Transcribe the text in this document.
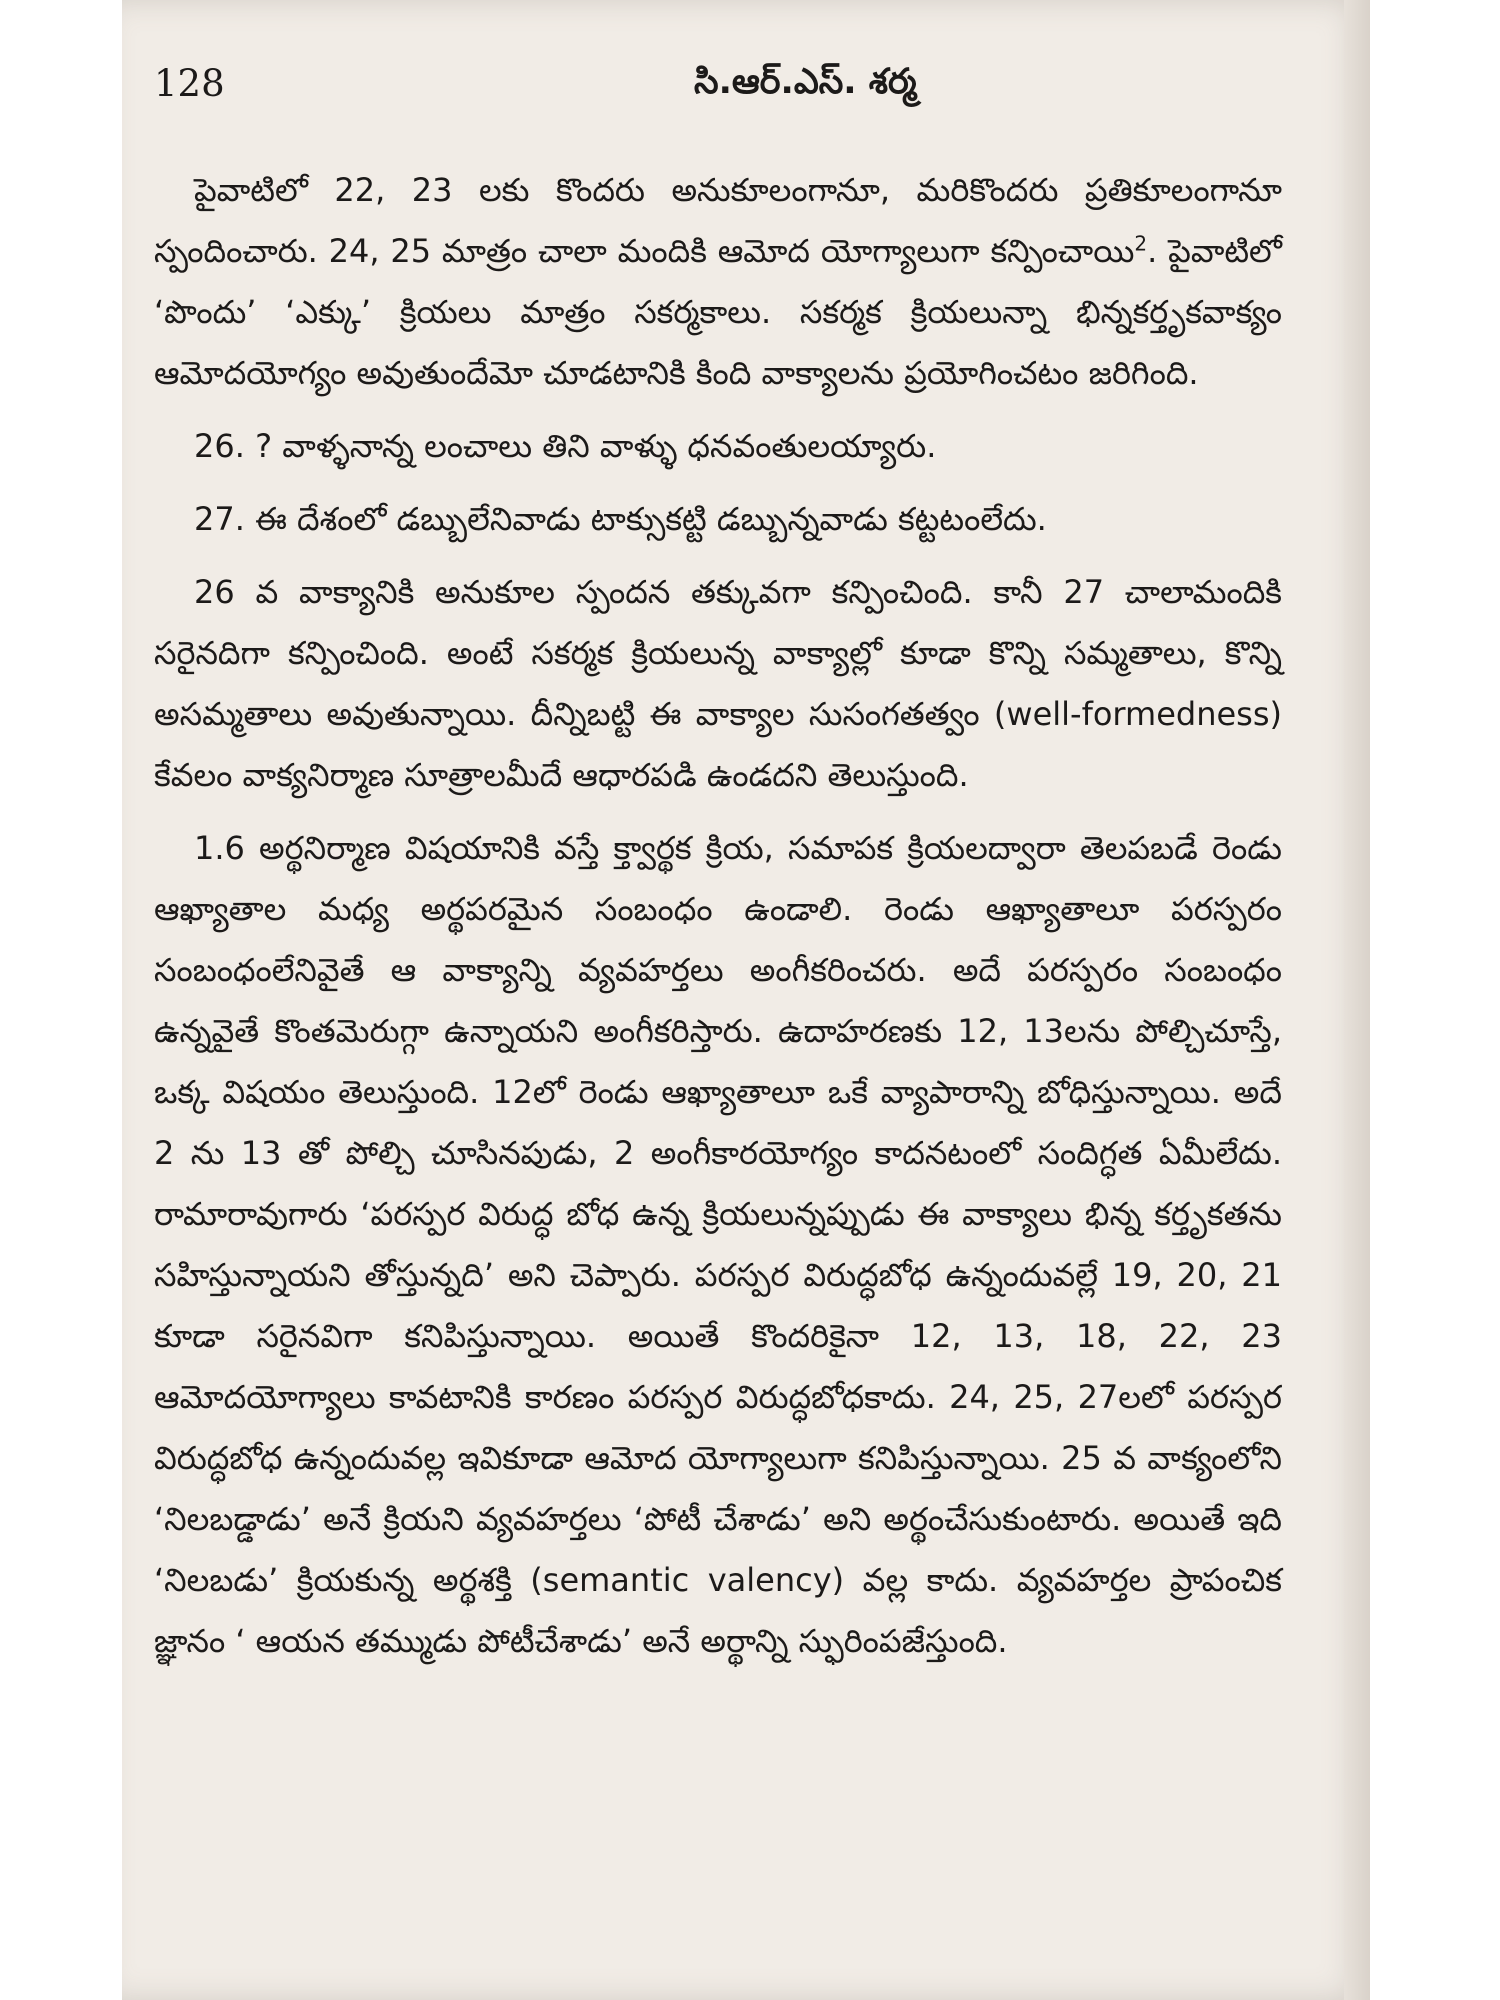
128	సి.ఆర్.ఎస్. శర్మ

పైవాటిలో 22, 23 లకు కొందరు అనుకూలంగానూ, మరికొందరు ప్రతికూలంగానూ స్పందించారు. 24, 25 మాత్రం చాలా మందికి ఆమోద యోగ్యాలుగా కన్పించాయి$^2$. పైవాటిలో ‘పొందు’ ‘ఎక్కు’ క్రియలు మాత్రం సకర్మకాలు. సకర్మక క్రియలున్నా భిన్నకర్తృకవాక్యం ఆమోదయోగ్యం అవుతుందేమో చూడటానికి కింది వాక్యాలను ప్రయోగించటం జరిగింది.

26. ? వాళ్ళనాన్న లంచాలు తిని వాళ్ళు ధనవంతులయ్యారు.

27. ఈ దేశంలో డబ్బులేనివాడు టాక్సుకట్టి డబ్బున్నవాడు కట్టటంలేదు.

26 వ వాక్యానికి అనుకూల స్పందన తక్కువగా కన్పించింది. కానీ 27 చాలామందికి సరైనదిగా కన్పించింది. అంటే సకర్మక క్రియలున్న వాక్యాల్లో కూడా కొన్ని సమ్మతాలు, కొన్ని అసమ్మతాలు అవుతున్నాయి. దీన్నిబట్టి ఈ వాక్యాల సుసంగతత్వం (well-formedness) కేవలం వాక్యనిర్మాణ సూత్రాలమీదే ఆధారపడి ఉండదని తెలుస్తుంది.

1.6 అర్థనిర్మాణ విషయానికి వస్తే క్త్వార్థక క్రియ, సమాపక క్రియలద్వారా తెలపబడే రెండు ఆఖ్యాతాల మధ్య అర్థపరమైన సంబంధం ఉండాలి. రెండు ఆఖ్యాతాలూ పరస్పరం సంబంధంలేనివైతే ఆ వాక్యాన్ని వ్యవహర్తలు అంగీకరించరు. అదే పరస్పరం సంబంధం ఉన్నవైతే కొంతమెరుగ్గా ఉన్నాయని అంగీకరిస్తారు. ఉదాహరణకు 12, 13లను పోల్చిచూస్తే, ఒక్క విషయం తెలుస్తుంది. 12లో రెండు ఆఖ్యాతాలూ ఒకే వ్యాపారాన్ని బోధిస్తున్నాయి. అదే 2 ను 13 తో పోల్చి చూసినపుడు, 2 అంగీకారయోగ్యం కాదనటంలో సందిగ్ధత ఏమీలేదు. రామారావుగారు ‘పరస్పర విరుద్ధ బోధ ఉన్న క్రియలున్నప్పుడు ఈ వాక్యాలు భిన్న కర్తృకతను సహిస్తున్నాయని తోస్తున్నది’ అని చెప్పారు. పరస్పర విరుద్ధబోధ ఉన్నందువల్లే 19, 20, 21 కూడా సరైనవిగా కనిపిస్తున్నాయి. అయితే కొందరికైనా 12, 13, 18, 22, 23 ఆమోదయోగ్యాలు కావటానికి కారణం పరస్పర విరుద్ధబోధకాదు. 24, 25, 27లలో పరస్పర విరుద్ధబోధ ఉన్నందువల్ల ఇవికూడా ఆమోద యోగ్యాలుగా కనిపిస్తున్నాయి. 25 వ వాక్యంలోని ‘నిలబడ్డాడు’ అనే క్రియని వ్యవహర్తలు ‘పోటీ చేశాడు’ అని అర్థంచేసుకుంటారు. అయితే ఇది ‘నిలబడు’ క్రియకున్న అర్థశక్తి (semantic valency) వల్ల కాదు. వ్యవహర్తల ప్రాపంచిక జ్ఞానం ‘ ఆయన తమ్ముడు పోటీచేశాడు’ అనే అర్థాన్ని స్ఫురింపజేస్తుంది.
